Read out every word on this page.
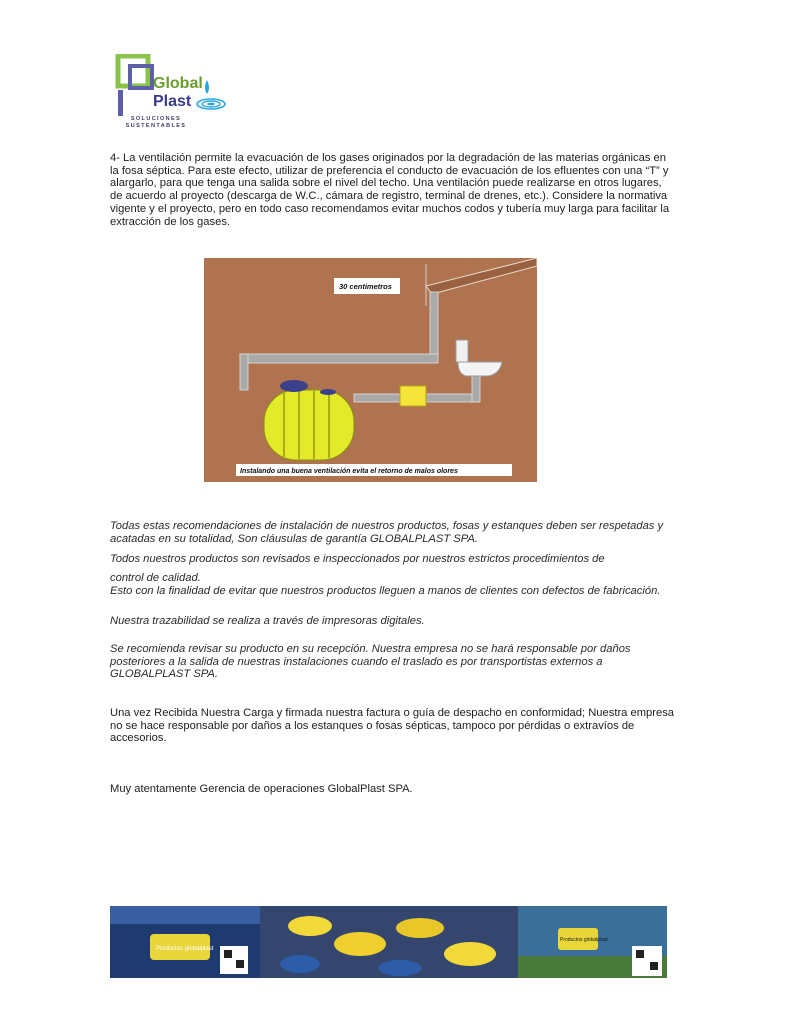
Global
Plast
SOLUCIONES
SUSTENTABLES
4- La ventilación permite la evacuación de los gases originados por la degradación de las materias orgánicas en la fosa séptica. Para este efecto, utilizar de preferencia el conducto de evacuación de los efluentes con una “T” y alargarlo, para que tenga una salida sobre el nivel del techo. Una ventilación puede realizarse en otros lugares, de acuerdo al proyecto (descarga de W.C., cámara de registro, terminal de drenes, etc.). Considere la normativa vigente y el proyecto, pero en todo caso recomendamos evitar muchos codos y tubería muy larga para facilitar la extracción de los gases.
30 centimetros
Instalando una buena ventilación evita el retorno de malos olores
Todas estas recomendaciones de instalación de nuestros productos, fosas y estanques deben ser respetadas y acatadas en su totalidad, Son cláusulas de garantía GLOBALPLAST SPA.
Todos nuestros productos son revisados e inspeccionados por nuestros estrictos procedimientos de
control de calidad.
Esto con la finalidad de evitar que nuestros productos lleguen a manos de clientes con defectos de fabricación.
Nuestra trazabilidad se realiza a través de impresoras digitales.
Se recomienda revisar su producto en su recepción. Nuestra empresa no se hará responsable por daños posteriores a la salida de nuestras instalaciones cuando el traslado es por transportistas externos a GLOBALPLAST SPA.
Una vez Recibida Nuestra Carga y firmada nuestra factura o guía de despacho en conformidad; Nuestra empresa no se hace responsable por daños a los estanques o fosas sépticas, tampoco por pérdidas o extravíos de accesorios.
Muy atentamente Gerencia de operaciones GlobalPlast SPA.
Productos globalplast
Productos globalplast
